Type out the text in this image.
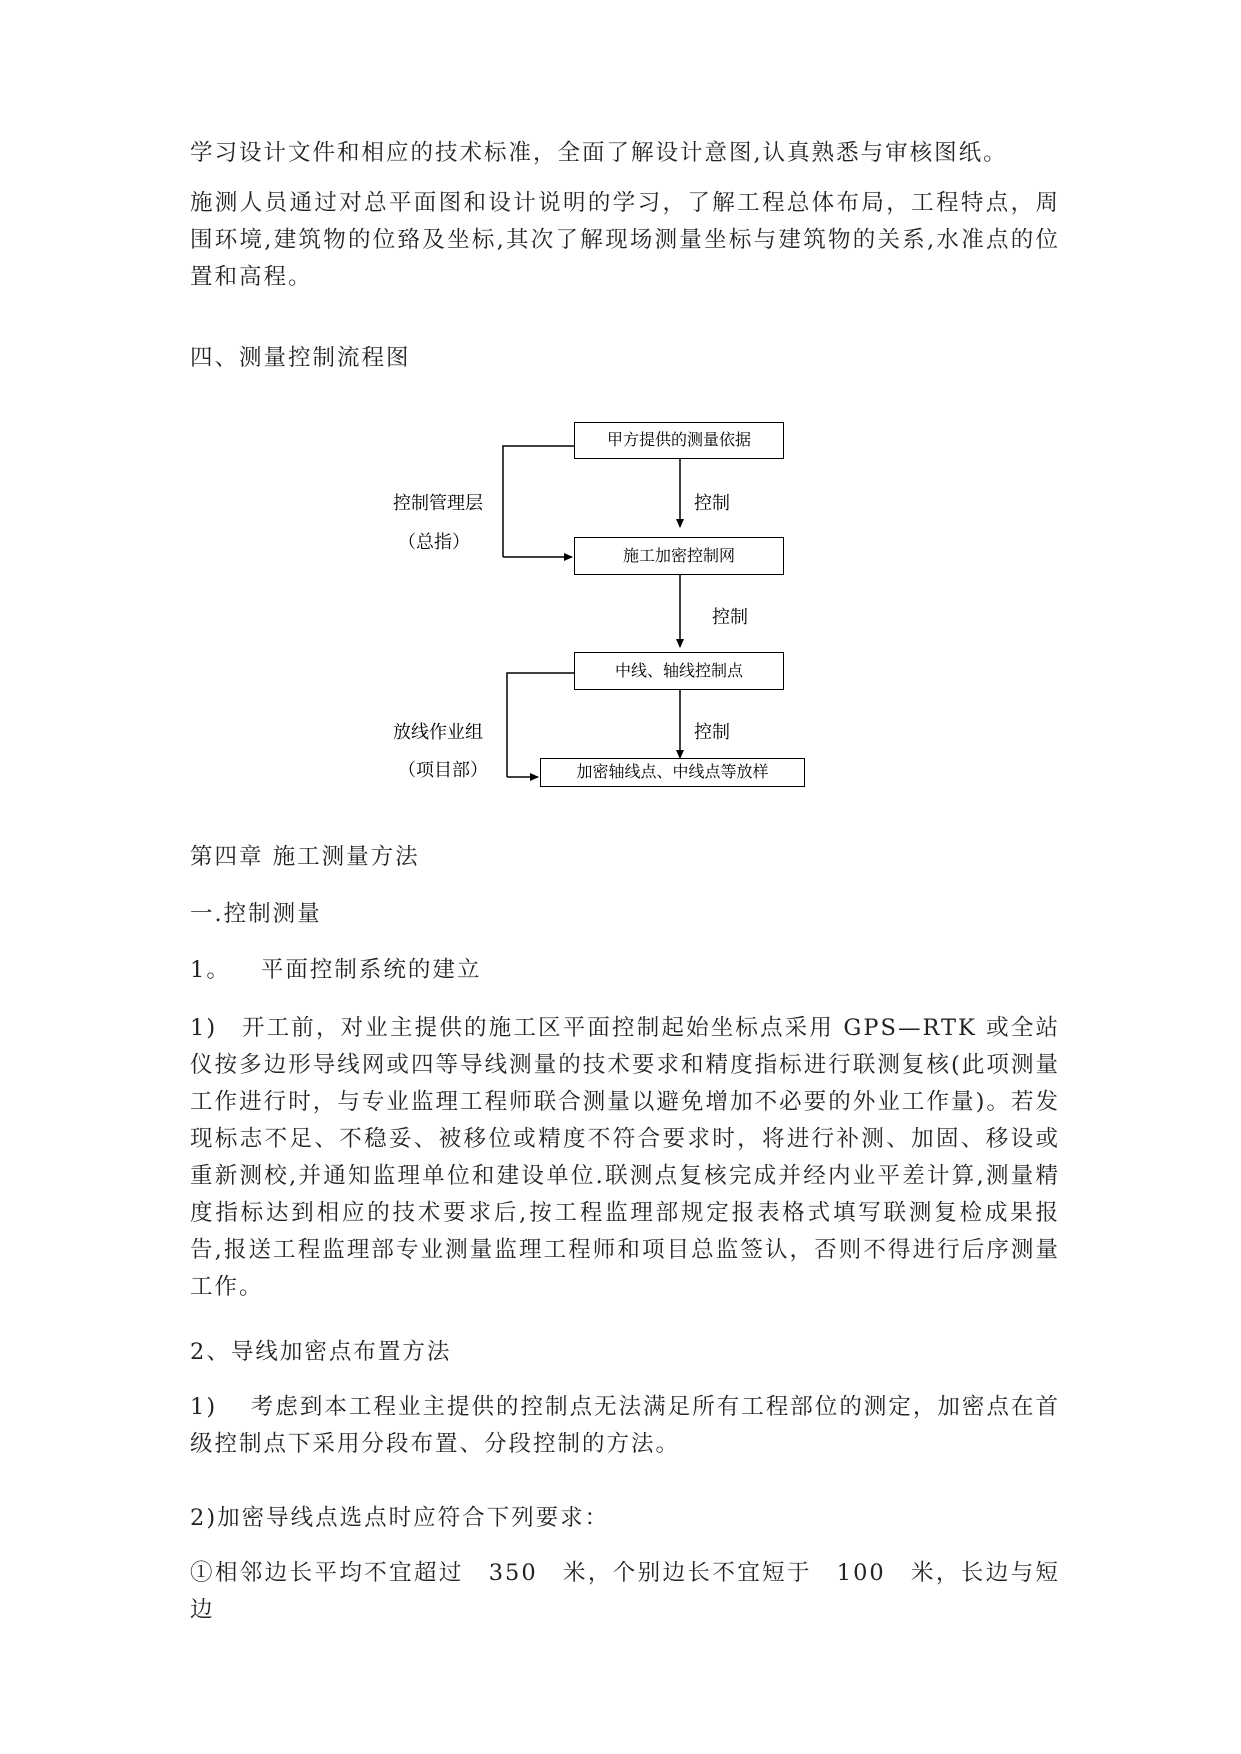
学习设计文件和相应的技术标准，全面了解设计意图,认真熟悉与审核图纸。

施测人员通过对总平面图和设计说明的学习，了解工程总体布局，工程特点，周围环境,建筑物的位臵及坐标,其次了解现场测量坐标与建筑物的关系,水准点的位置和高程。

四、测量控制流程图

甲方提供的测量依据
施工加密控制网
中线、轴线控制点
加密轴线点、中线点等放样
控制
控制
控制
控制管理层
（总指）
放线作业组
（项目部）

第四章 施工测量方法

一.控制测量

1。 平面控制系统的建立

1)　开工前，对业主提供的施工区平面控制起始坐标点采用 GPS—RTK 或全站仪按多边形导线网或四等导线测量的技术要求和精度指标进行联测复核(此项测量工作进行时，与专业监理工程师联合测量以避免增加不必要的外业工作量)。若发现标志不足、不稳妥、被移位或精度不符合要求时，将进行补测、加固、移设或重新测校,并通知监理单位和建设单位.联测点复核完成并经内业平差计算,测量精度指标达到相应的技术要求后,按工程监理部规定报表格式填写联测复检成果报告,报送工程监理部专业测量监理工程师和项目总监签认，否则不得进行后序测量工作。

2、导线加密点布置方法

1)　 考虑到本工程业主提供的控制点无法满足所有工程部位的测定，加密点在首级控制点下采用分段布置、分段控制的方法。

2)加密导线点选点时应符合下列要求：

①相邻边长平均不宜超过　350　米，个别边长不宜短于　100　米，长边与短边
